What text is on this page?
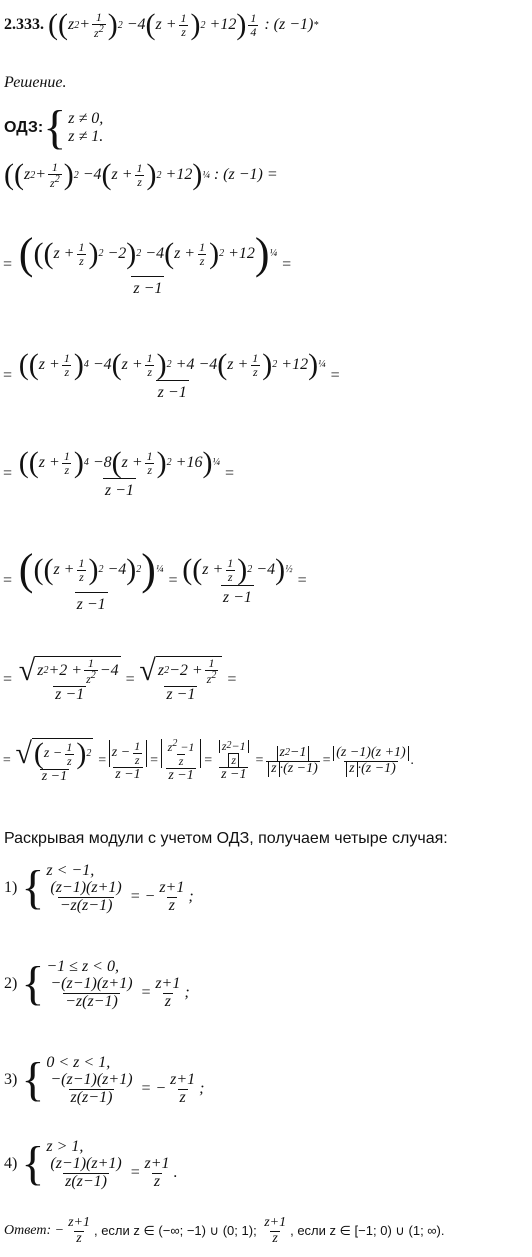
2.333.
( ( z $2 + \frac{1}{z^2}$ ) 2 −4 ( $z + \frac{1}{z}$ ) 2 +12 ) $\frac{1}{4}$ : (z −1) *
Решение.
ОДЗ: { z ≠ 0,
z ≠ 1.
( ( z $2 + \frac{1}{z^2}$ ) 2 −4 ( $z + \frac{1}{z}$ ) 2 +12 ) ¼ : (z −1) =
= $\frac{( ( ( z + \frac{1}{z} ) 2 -2 ) 2 -4 ( z + \frac{1}{z} ) 2 +12 ) \frac{1}{4}}{z -1}$ =
= ( ( $z + \frac{1}{z}$ ) 4 −4 ( $z + \frac{1}{z}$ ) 2 +4 −4 ( $z + \frac{1}{z}$ ) 2 +12 ) ¼
z −1
=
= $\frac{( ( z + \frac{1}{z} ) 4 -8 ( z + \frac{1}{z} ) 2 +16 ) \frac{1}{4}}{z -1}$ =
= $\frac{( ( ( z + \frac{1}{z} ) 2 -4 ) 2 ) \frac{1}{4}}{z -1} = \frac{( ( z + \frac{1}{z} ) 2 -4 ) \frac{1}{2}}{z -1}$ =
= $\frac{√ z 2 +2 + \frac{1}{z^2} -4}{z -1} = \frac{√ z 2 -2 + \frac{1}{z^2}}{z -1}$ =
= $\frac{√ ( z - \frac{1}{z} ) 2}{z -1} = \frac{z - \frac{1}{z}}{z -1} = \frac{\frac{z^2 -1}{z}}{z -1} = \frac{\frac{z 2 -1}{z}}{z -1} = \frac{z 2 -1}{z \cdot(z -1)} = \frac{(z -1)(z +1)}{z \cdot(z -1)}$ .
Раскрывая модули с учетом ОДЗ, получаем четыре случая:
1)
{ z < −1,
$\frac{(z-1)(z+1)}{-z(z-1)}$
= − $\frac{z+1}{z}$ ;
2)
{ −1 ≤ z < 0,
$\frac{-(z-1)(z+1)}{-z(z-1)}$
= $\frac{z+1}{z}$ ;
3)
{ 0 < z < 1,
$\frac{-(z-1)(z+1)}{z(z-1)}$
= − $\frac{z+1}{z}$ ;
4)
{ z > 1,
$\frac{(z-1)(z+1)}{z(z-1)}$
= $\frac{z+1}{z}$ .
Ответ:
− $\frac{z+1}{z}$ , если z ∈ (−∞; −1) ∪ (0; 1);
$\frac{z+1}{z}$ , если z ∈ [−1; 0) ∪ (1; ∞).
